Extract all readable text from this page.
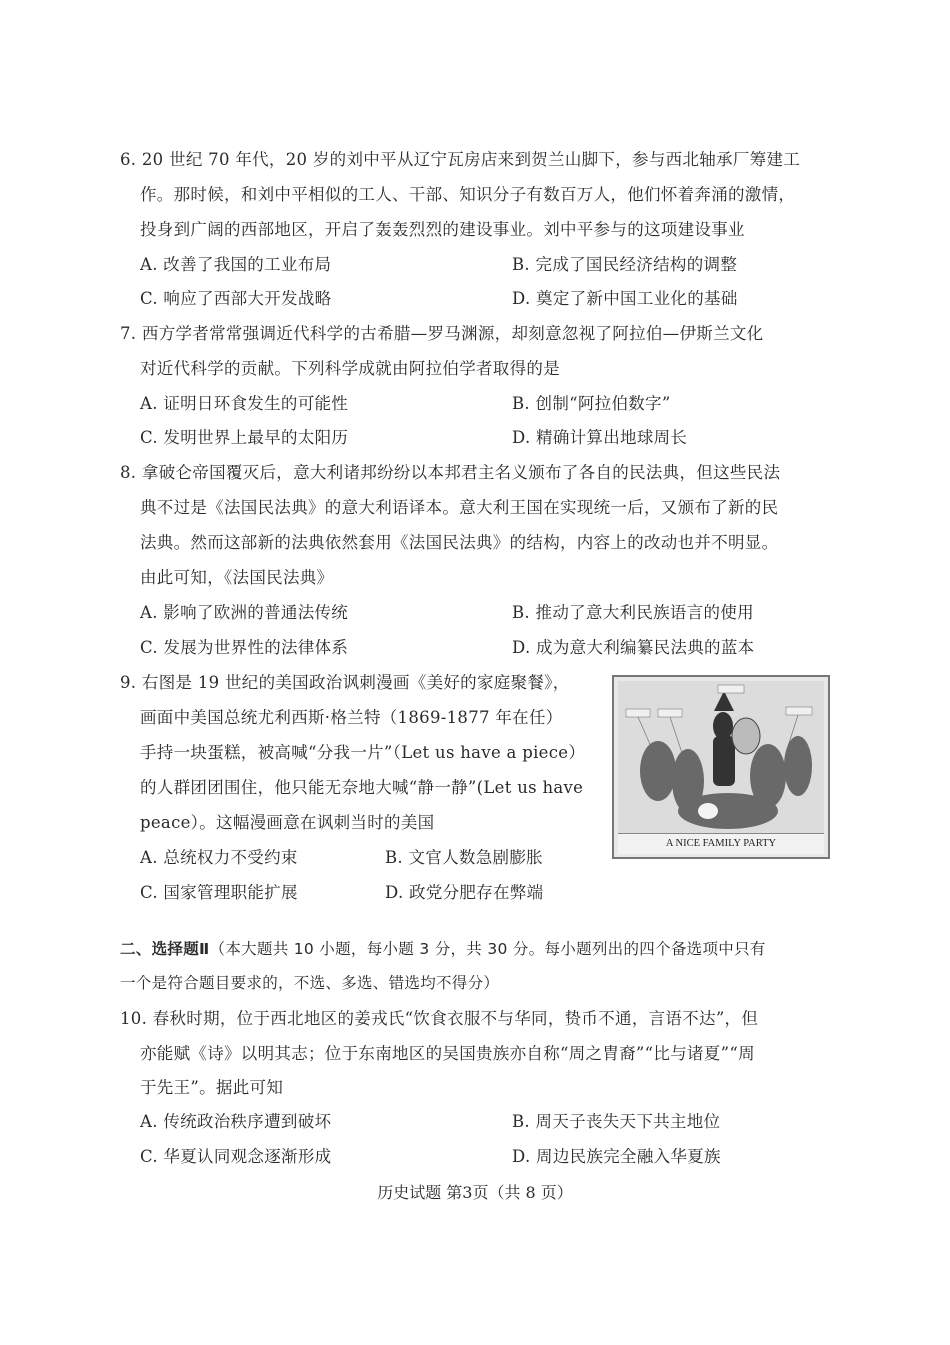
6. 20 世纪 70 年代，20 岁的刘中平从辽宁瓦房店来到贺兰山脚下，参与西北轴承厂筹建工
作。那时候，和刘中平相似的工人、干部、知识分子有数百万人，他们怀着奔涌的激情，
投身到广阔的西部地区，开启了轰轰烈烈的建设事业。刘中平参与的这项建设事业
A. 改善了我国的工业布局	B. 完成了国民经济结构的调整
C. 响应了西部大开发战略	D. 奠定了新中国工业化的基础
7. 西方学者常常强调近代科学的古希腊—罗马渊源，却刻意忽视了阿拉伯—伊斯兰文化
对近代科学的贡献。下列科学成就由阿拉伯学者取得的是
A. 证明日环食发生的可能性	B. 创制“阿拉伯数字”
C. 发明世界上最早的太阳历	D. 精确计算出地球周长
8. 拿破仑帝国覆灭后，意大利诸邦纷纷以本邦君主名义颁布了各自的民法典，但这些民法
典不过是《法国民法典》的意大利语译本。意大利王国在实现统一后，又颁布了新的民
法典。然而这部新的法典依然套用《法国民法典》的结构，内容上的改动也并不明显。
由此可知，《法国民法典》
A. 影响了欧洲的普通法传统	B. 推动了意大利民族语言的使用
C. 发展为世界性的法律体系	D. 成为意大利编纂民法典的蓝本
9. 右图是 19 世纪的美国政治讽刺漫画《美好的家庭聚餐》，
画面中美国总统尤利西斯·格兰特（1869-1877 年在任）
手持一块蛋糕，被高喊“分我一片”（Let us have a piece）
的人群团团围住，他只能无奈地大喊“静一静”(Let us have
peace）。这幅漫画意在讽刺当时的美国
A. 总统权力不受约束	B. 文官人数急剧膨胀
C. 国家管理职能扩展	D. 政党分肥存在弊端
A NICE FAMILY PARTY
二、选择题Ⅱ（本大题共 10 小题，每小题 3 分，共 30 分。每小题列出的四个备选项中只有
一个是符合题目要求的，不选、多选、错选均不得分）
10. 春秋时期，位于西北地区的姜戎氏“饮食衣服不与华同，贽币不通，言语不达”，但
亦能赋《诗》以明其志；位于东南地区的吴国贵族亦自称“周之胄裔”“比与诸夏”“周
于先王”。据此可知
A. 传统政治秩序遭到破坏	B. 周天子丧失天下共主地位
C. 华夏认同观念逐渐形成	D. 周边民族完全融入华夏族
历史试题 第3页（共 8 页）
